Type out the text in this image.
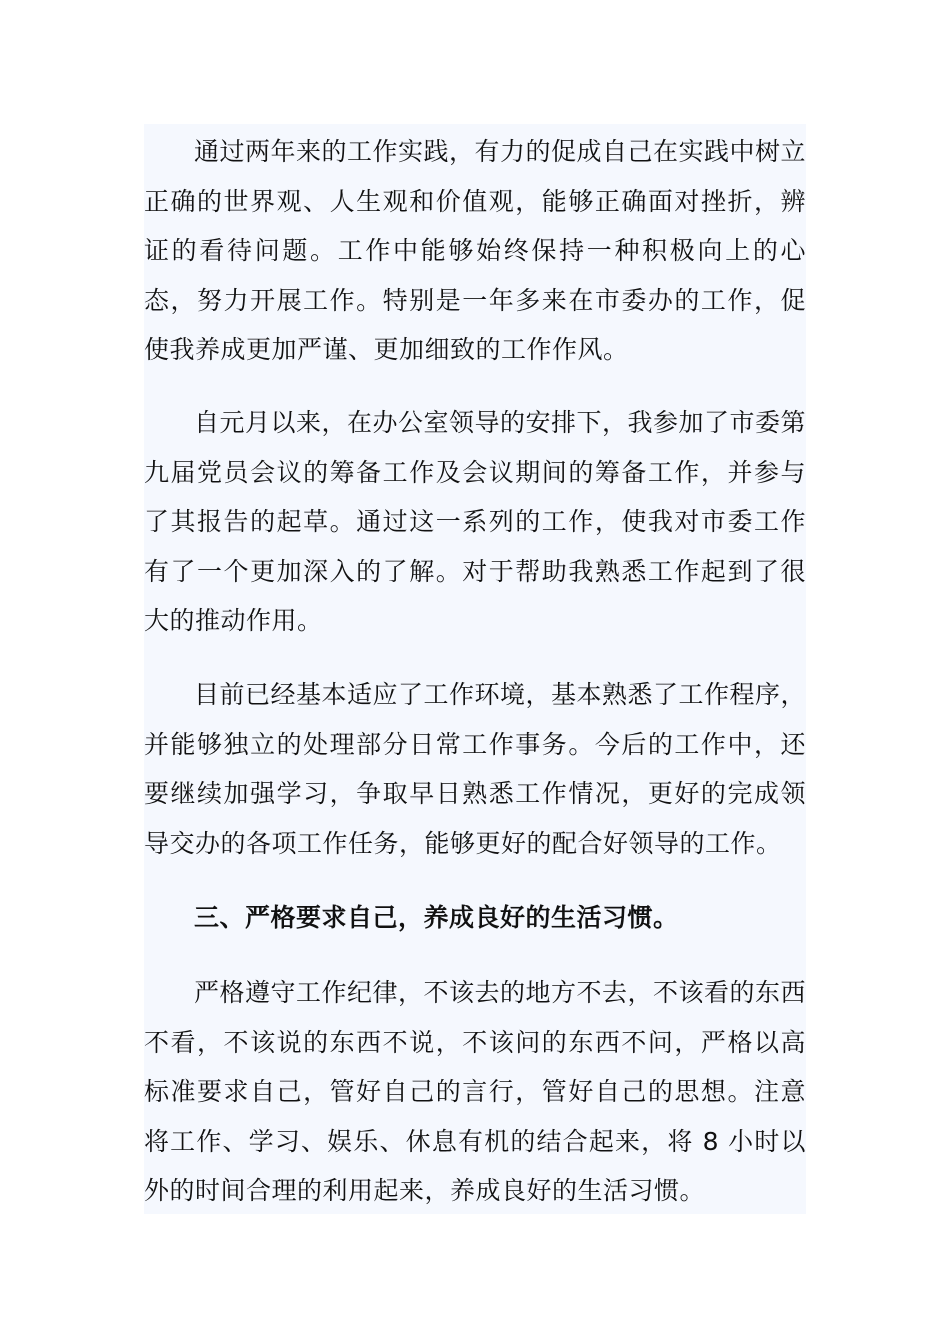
通过两年来的工作实践，有力的促成自己在实践中树立正确的世界观、人生观和价值观，能够正确面对挫折，辨证的看待问题。工作中能够始终保持一种积极向上的心态，努力开展工作。特别是一年多来在市委办的工作，促使我养成更加严谨、更加细致的工作作风。

自元月以来，在办公室领导的安排下，我参加了市委第九届党员会议的筹备工作及会议期间的筹备工作，并参与了其报告的起草。通过这一系列的工作，使我对市委工作有了一个更加深入的了解。对于帮助我熟悉工作起到了很大的推动作用。

目前已经基本适应了工作环境，基本熟悉了工作程序，并能够独立的处理部分日常工作事务。今后的工作中，还要继续加强学习，争取早日熟悉工作情况，更好的完成领导交办的各项工作任务，能够更好的配合好领导的工作。

三、严格要求自己，养成良好的生活习惯。

严格遵守工作纪律，不该去的地方不去，不该看的东西不看，不该说的东西不说，不该问的东西不问，严格以高标准要求自己，管好自己的言行，管好自己的思想。注意将工作、学习、娱乐、休息有机的结合起来，将 8 小时以外的时间合理的利用起来，养成良好的生活习惯。
